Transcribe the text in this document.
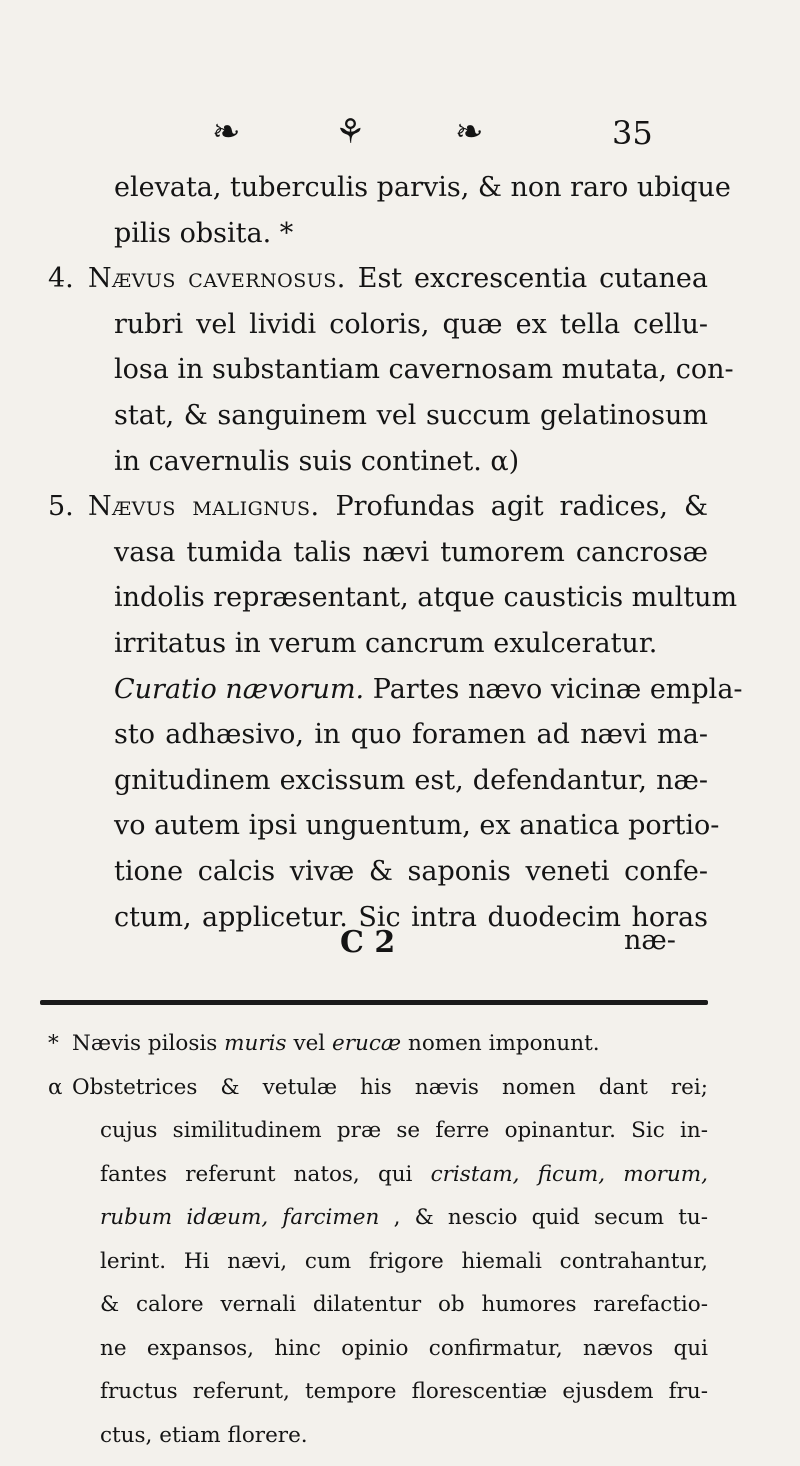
❧	⚘	❧	35
elevata, tuberculis parvis, & non raro ubique
pilis obsita. *
4. Nævus cavernosus. Est excrescentia cutanea
rubri vel lividi coloris, quæ ex tella cellu-
losa in substantiam cavernosam mutata, con-
stat, & sanguinem vel succum gelatinosum
in cavernulis suis continet. α)
5. Nævus malignus. Profundas agit radices, &
vasa tumida talis nævi tumorem cancrosæ
indolis repræsentant, atque causticis multum
irritatus in verum cancrum exulceratur.
Curatio nævorum. Partes nævo vicinæ empla-
sto adhæsivo, in quo foramen ad nævi ma-
gnitudinem excissum est, defendantur, næ-
vo autem ipsi unguentum, ex anatica portio-
tione calcis vivæ & saponis veneti confe-
ctum, applicetur. Sic intra duodecim horas
C 2	næ-
* Nævis pilosis muris vel erucæ nomen imponunt.
α Obstetrices & vetulæ his nævis nomen dant rei;
cujus similitudinem præ se ferre opinantur. Sic in-
fantes referunt natos, qui cristam, ficum, morum,
rubum idæum, farcimen , & nescio quid secum tu-
lerint. Hi nævi, cum frigore hiemali contrahantur,
& calore vernali dilatentur ob humores rarefactio-
ne expansos, hinc opinio confirmatur, nævos qui
fructus referunt, tempore florescentiæ ejusdem fru-
ctus, etiam florere.
